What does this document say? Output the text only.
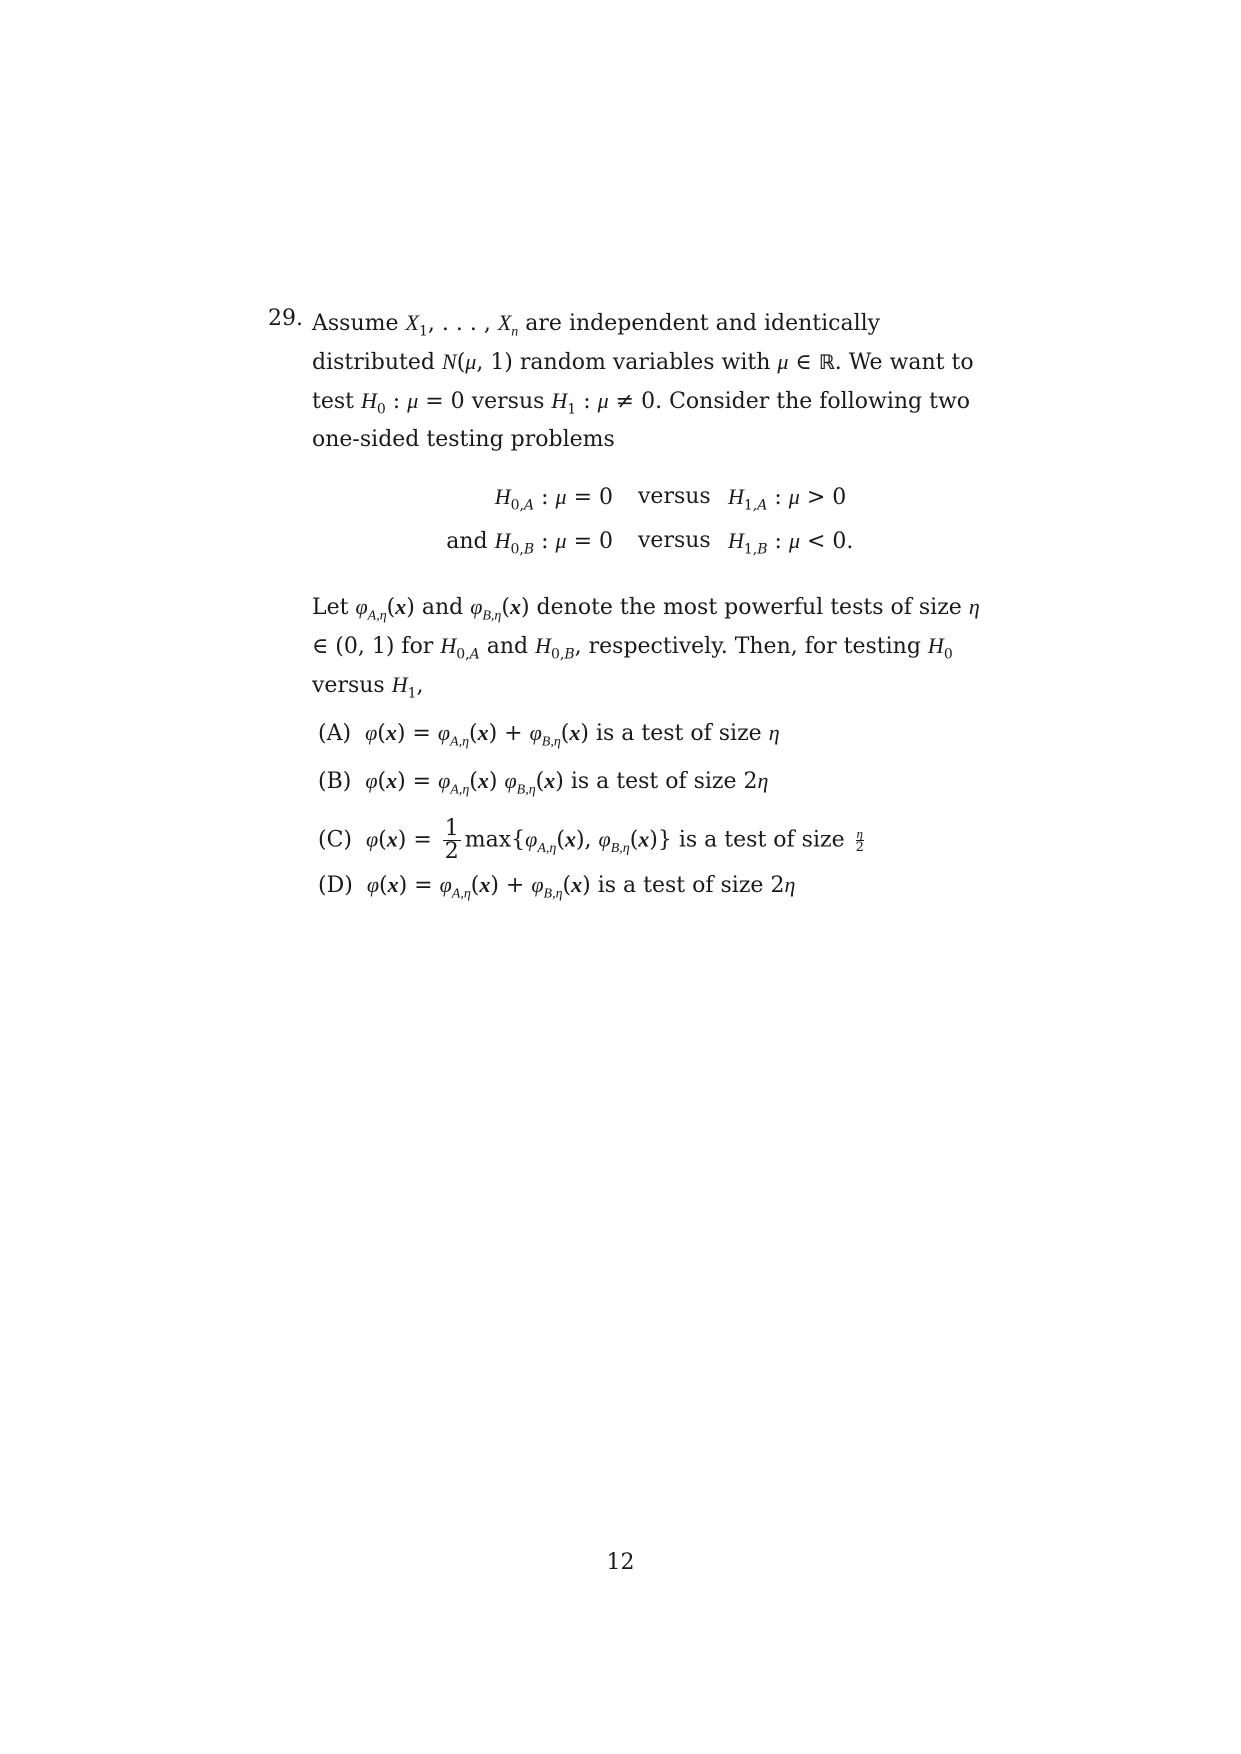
29. Assume $X_1$, . . . , $X_n$ are independent and identically distributed N(μ, 1) random variables with μ ∈ ℝ. We want to test $H_0$ : μ = 0 versus $H_1$ : μ ≠ 0. Consider the following two one-sided testing problems
$H_{0,A}$ : μ = 0 versus $H_{1,A}$ : μ > 0
and $H_{0,B}$ : μ = 0 versus $H_{1,B}$ : μ < 0.
Let $\varphi_{A,\eta}(x)$ and $\varphi_{B,\eta}(x)$ denote the most powerful tests of size η ∈ (0, 1) for $H_{0,A}$ and $H_{0,B}$, respectively. Then, for testing $H_0$ versus $H_1$,
(A) $\varphi(x) = \varphi_{A,\eta}(x) + \varphi_{B,\eta}(x)$ is a test of size η
(B) $\varphi(x) = \varphi_{A,\eta}(x)$ $\varphi_{B,\eta}(x)$ is a test of size 2η
(C) $\varphi(x) = \frac{1}{2} \max\{\varphi_{A,\eta}(x)$, $\varphi_{B,\eta}(x)$} is a test of size $\frac{\eta}{2}$
(D) $\varphi(x) = \varphi_{A,\eta}(x) + \varphi_{B,\eta}(x)$ is a test of size 2η
12
